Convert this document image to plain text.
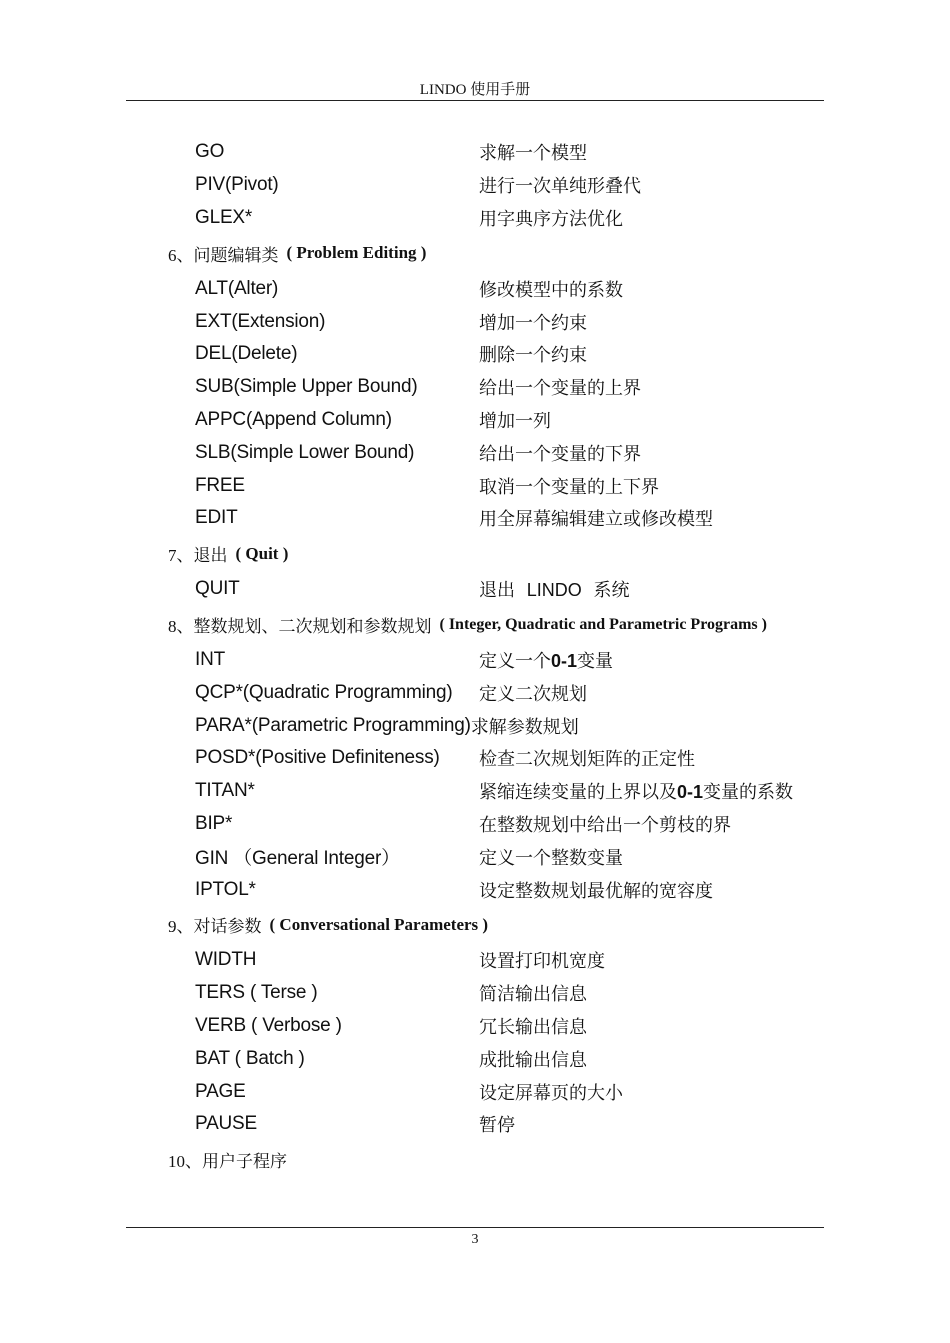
LINDO 使用手册
GO	求解一个模型
PIV(Pivot)	进行一次单纯形叠代
GLEX*	用字典序方法优化
6、 问题编辑类 ( Problem Editing )
ALT(Alter)	修改模型中的系数
EXT(Extension)	增加一个约束
DEL(Delete)	删除一个约束
SUB(Simple Upper Bound)	给出一个变量的上界
APPC(Append Column)	增加一列
SLB(Simple Lower Bound)	给出一个变量的下界
FREE	取消一个变量的上下界
EDIT	用全屏幕编辑建立或修改模型
7、 退出 ( Quit )
QUIT	退出 LINDO 系统
8、 整数规划、二次规划和参数规划 ( Integer, Quadratic and Parametric Programs )
INT	定义一个0-1变量
QCP*(Quadratic Programming)	定义二次规划
PARA*(Parametric Programming) 求解参数规划
POSD*(Positive Definiteness)	检查二次规划矩阵的正定性
TITAN*	紧缩连续变量的上界以及0-1变量的系数
BIP*	在整数规划中给出一个剪枝的界
GIN （General Integer）	定义一个整数变量
IPTOL*	设定整数规划最优解的宽容度
9、 对话参数 ( Conversational Parameters )
WIDTH	设置打印机宽度
TERS ( Terse )	简洁输出信息
VERB ( Verbose )	冗长输出信息
BAT ( Batch )	成批输出信息
PAGE	设定屏幕页的大小
PAUSE	暂停
10、 用户子程序
3
